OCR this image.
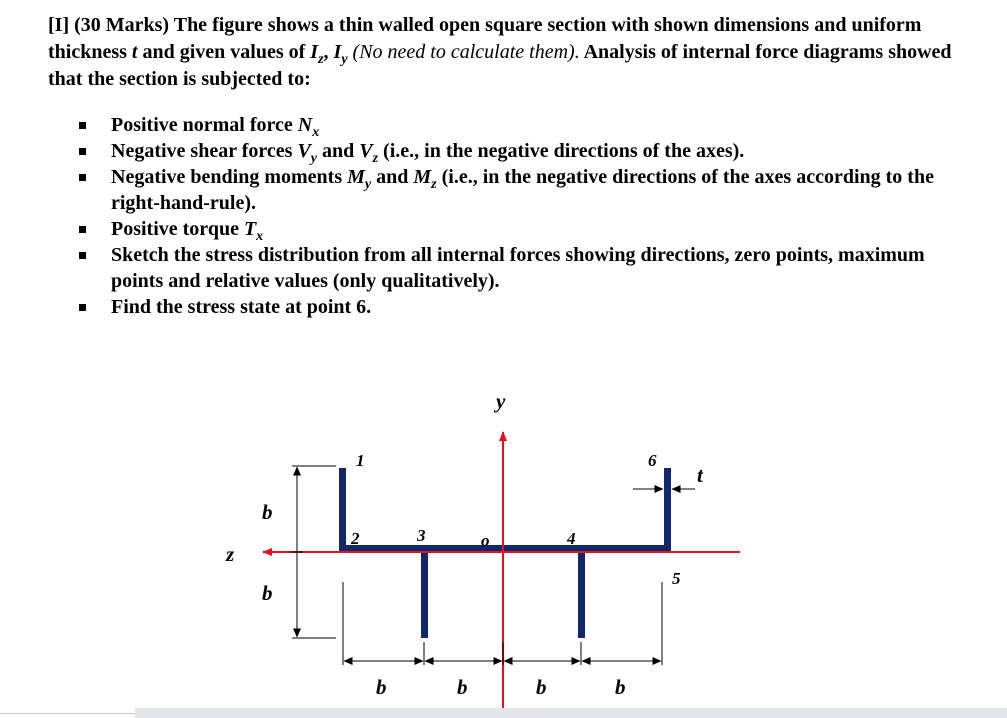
[I] (30 Marks) The figure shows a thin walled open square section with shown dimensions and uniform thickness t and given values of $I_z$, $I_y$ (No need to calculate them). Analysis of internal force diagrams showed that the section is subjected to:
Positive normal force $N_x$
Negative shear forces $V_y$ and $V_z$ (i.e., in the negative directions of the axes).
Negative bending moments $M_y$ and $M_z$ (i.e., in the negative directions of the axes according to the right-hand-rule).
Positive torque $T_x$
Sketch the stress distribution from all internal forces showing directions, zero points, maximum points and relative values (only qualitatively).
Find the stress state at point 6.
y
z
t
b
b
b	b	b	b
o
1
2	3	4
5
6
